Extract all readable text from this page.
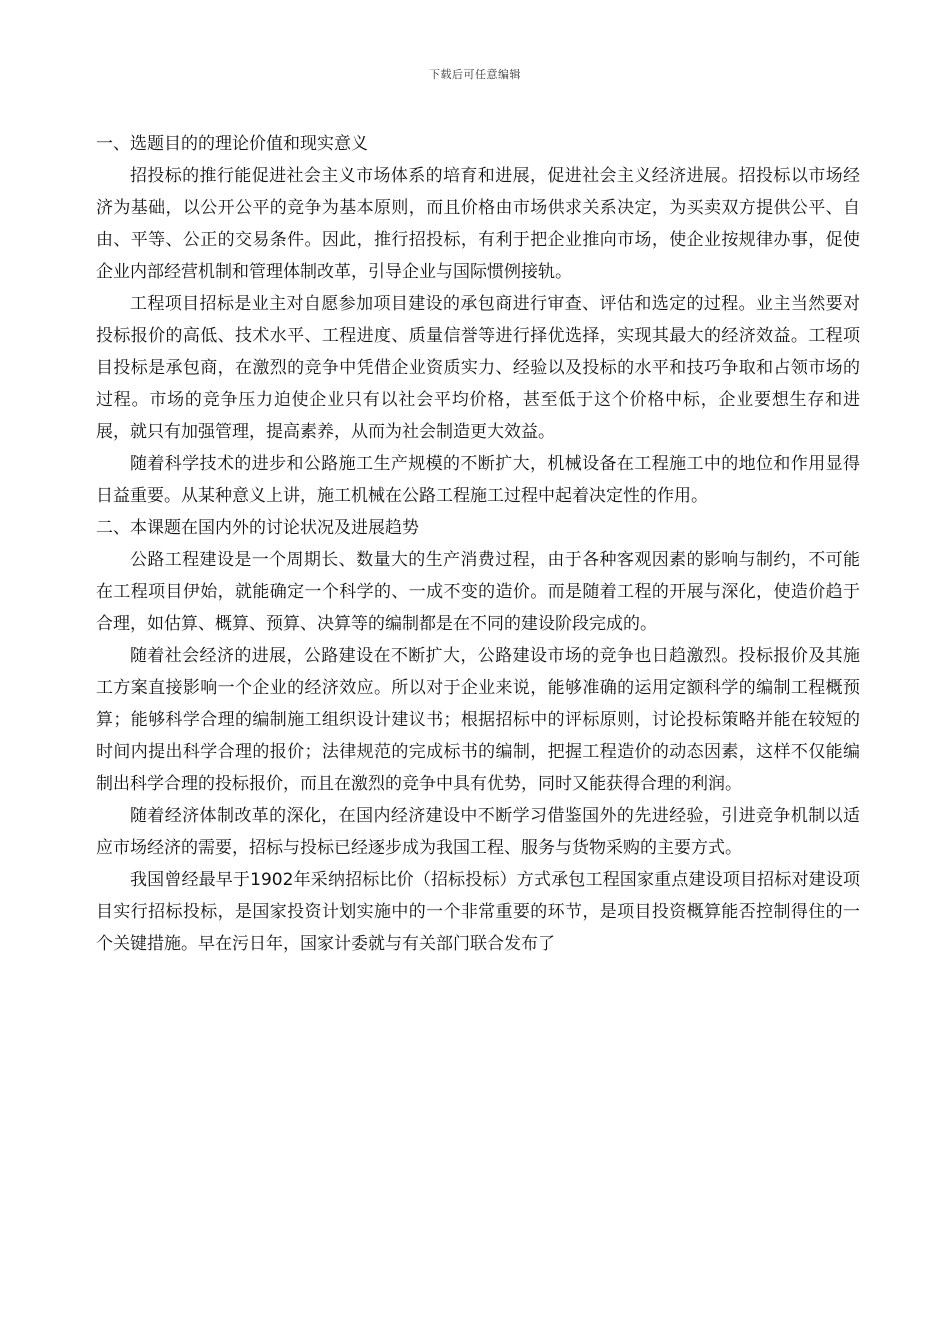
下载后可任意编辑
一、选题目的的理论价值和现实意义

招投标的推行能促进社会主义市场体系的培育和进展，促进社会主义经济进展。招投标以市场经济为基础，以公开公平的竞争为基本原则，而且价格由市场供求关系决定，为买卖双方提供公平、自由、平等、公正的交易条件。因此，推行招投标，有利于把企业推向市场，使企业按规律办事，促使企业内部经营机制和管理体制改革，引导企业与国际惯例接轨。

工程项目招标是业主对自愿参加项目建设的承包商进行审查、评估和选定的过程。业主当然要对投标报价的高低、技术水平、工程进度、质量信誉等进行择优选择，实现其最大的经济效益。工程项目投标是承包商，在激烈的竞争中凭借企业资质实力、经验以及投标的水平和技巧争取和占领市场的过程。市场的竞争压力迫使企业只有以社会平均价格，甚至低于这个价格中标，企业要想生存和进展，就只有加强管理，提高素养，从而为社会制造更大效益。

随着科学技术的进步和公路施工生产规模的不断扩大，机械设备在工程施工中的地位和作用显得日益重要。从某种意义上讲，施工机械在公路工程施工过程中起着决定性的作用。

二、本课题在国内外的讨论状况及进展趋势

公路工程建设是一个周期长、数量大的生产消费过程，由于各种客观因素的影响与制约，不可能在工程项目伊始，就能确定一个科学的、一成不变的造价。而是随着工程的开展与深化，使造价趋于合理，如估算、概算、预算、决算等的编制都是在不同的建设阶段完成的。

随着社会经济的进展，公路建设在不断扩大，公路建设市场的竞争也日趋激烈。投标报价及其施工方案直接影响一个企业的经济效应。所以对于企业来说，能够准确的运用定额科学的编制工程概预算；能够科学合理的编制施工组织设计建议书；根据招标中的评标原则，讨论投标策略并能在较短的时间内提出科学合理的报价；法律规范的完成标书的编制，把握工程造价的动态因素，这样不仅能编制出科学合理的投标报价，而且在激烈的竞争中具有优势，同时又能获得合理的利润。

随着经济体制改革的深化，在国内经济建设中不断学习借鉴国外的先进经验，引进竞争机制以适应市场经济的需要，招标与投标已经逐步成为我国工程、服务与货物采购的主要方式。

我国曾经最早于1902年采纳招标比价（招标投标）方式承包工程国家重点建设项目招标对建设项目实行招标投标，是国家投资计划实施中的一个非常重要的环节，是项目投资概算能否控制得住的一个关键措施。早在污日年，国家计委就与有关部门联合发布了
